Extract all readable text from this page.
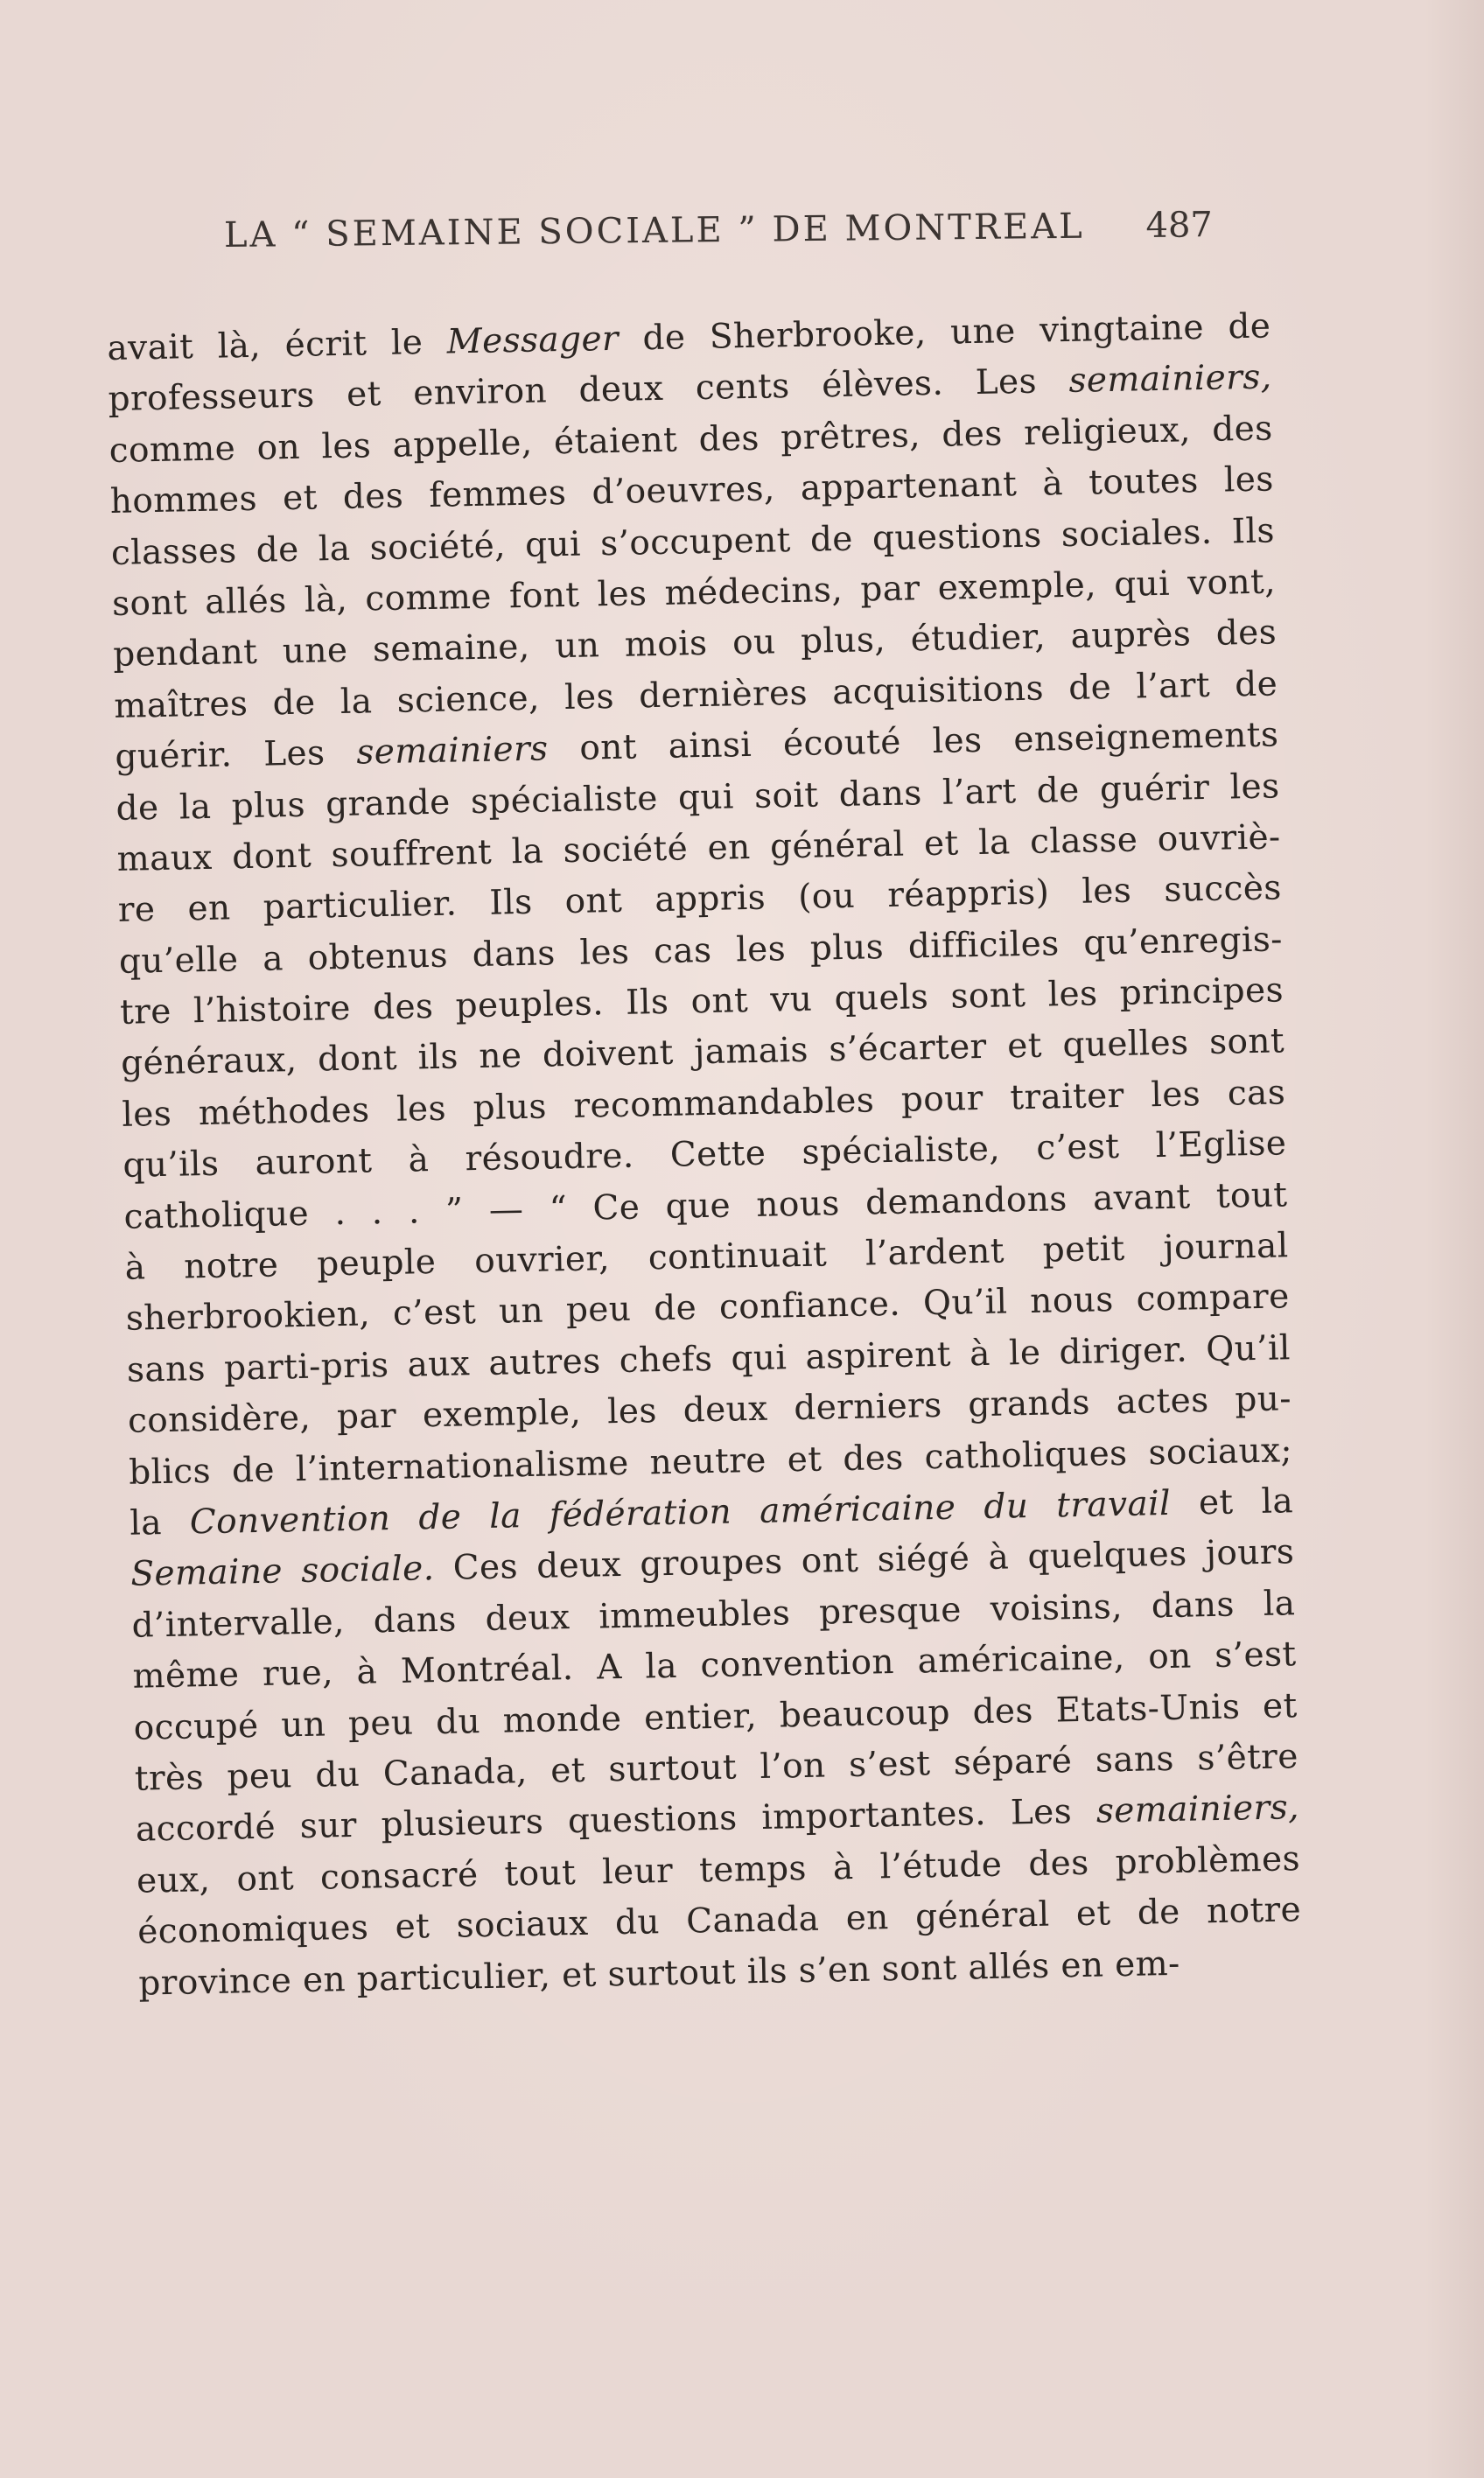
LA “ SEMAINE SOCIALE ” DE MONTREAL 487
avait là, écrit le Messager de Sherbrooke, une vingtaine de
professeurs et environ deux cents élèves. Les semainiers,
comme on les appelle, étaient des prêtres, des religieux, des
hommes et des femmes d’oeuvres, appartenant à toutes les
classes de la société, qui s’occupent de questions sociales. Ils
sont allés là, comme font les médecins, par exemple, qui vont,
pendant une semaine, un mois ou plus, étudier, auprès des
maîtres de la science, les dernières acquisitions de l’art de
guérir. Les semainiers ont ainsi écouté les enseignements
de la plus grande spécialiste qui soit dans l’art de guérir les
maux dont souffrent la société en général et la classe ouvriè-
re en particulier. Ils ont appris (ou réappris) les succès
qu’elle a obtenus dans les cas les plus difficiles qu’enregis-
tre l’histoire des peuples. Ils ont vu quels sont les principes
généraux, dont ils ne doivent jamais s’écarter et quelles sont
les méthodes les plus recommandables pour traiter les cas
qu’ils auront à résoudre. Cette spécialiste, c’est l’Eglise
catholique . . . ” — “ Ce que nous demandons avant tout
à notre peuple ouvrier, continuait l’ardent petit journal
sherbrookien, c’est un peu de confiance. Qu’il nous compare
sans parti-pris aux autres chefs qui aspirent à le diriger. Qu’il
considère, par exemple, les deux derniers grands actes pu-
blics de l’internationalisme neutre et des catholiques sociaux;
la Convention de la fédération américaine du travail et la
Semaine sociale. Ces deux groupes ont siégé à quelques jours
d’intervalle, dans deux immeubles presque voisins, dans la
même rue, à Montréal. A la convention américaine, on s’est
occupé un peu du monde entier, beaucoup des Etats-Unis et
très peu du Canada, et surtout l’on s’est séparé sans s’être
accordé sur plusieurs questions importantes. Les semainiers,
eux, ont consacré tout leur temps à l’étude des problèmes
économiques et sociaux du Canada en général et de notre
province en particulier, et surtout ils s’en sont allés en em-
